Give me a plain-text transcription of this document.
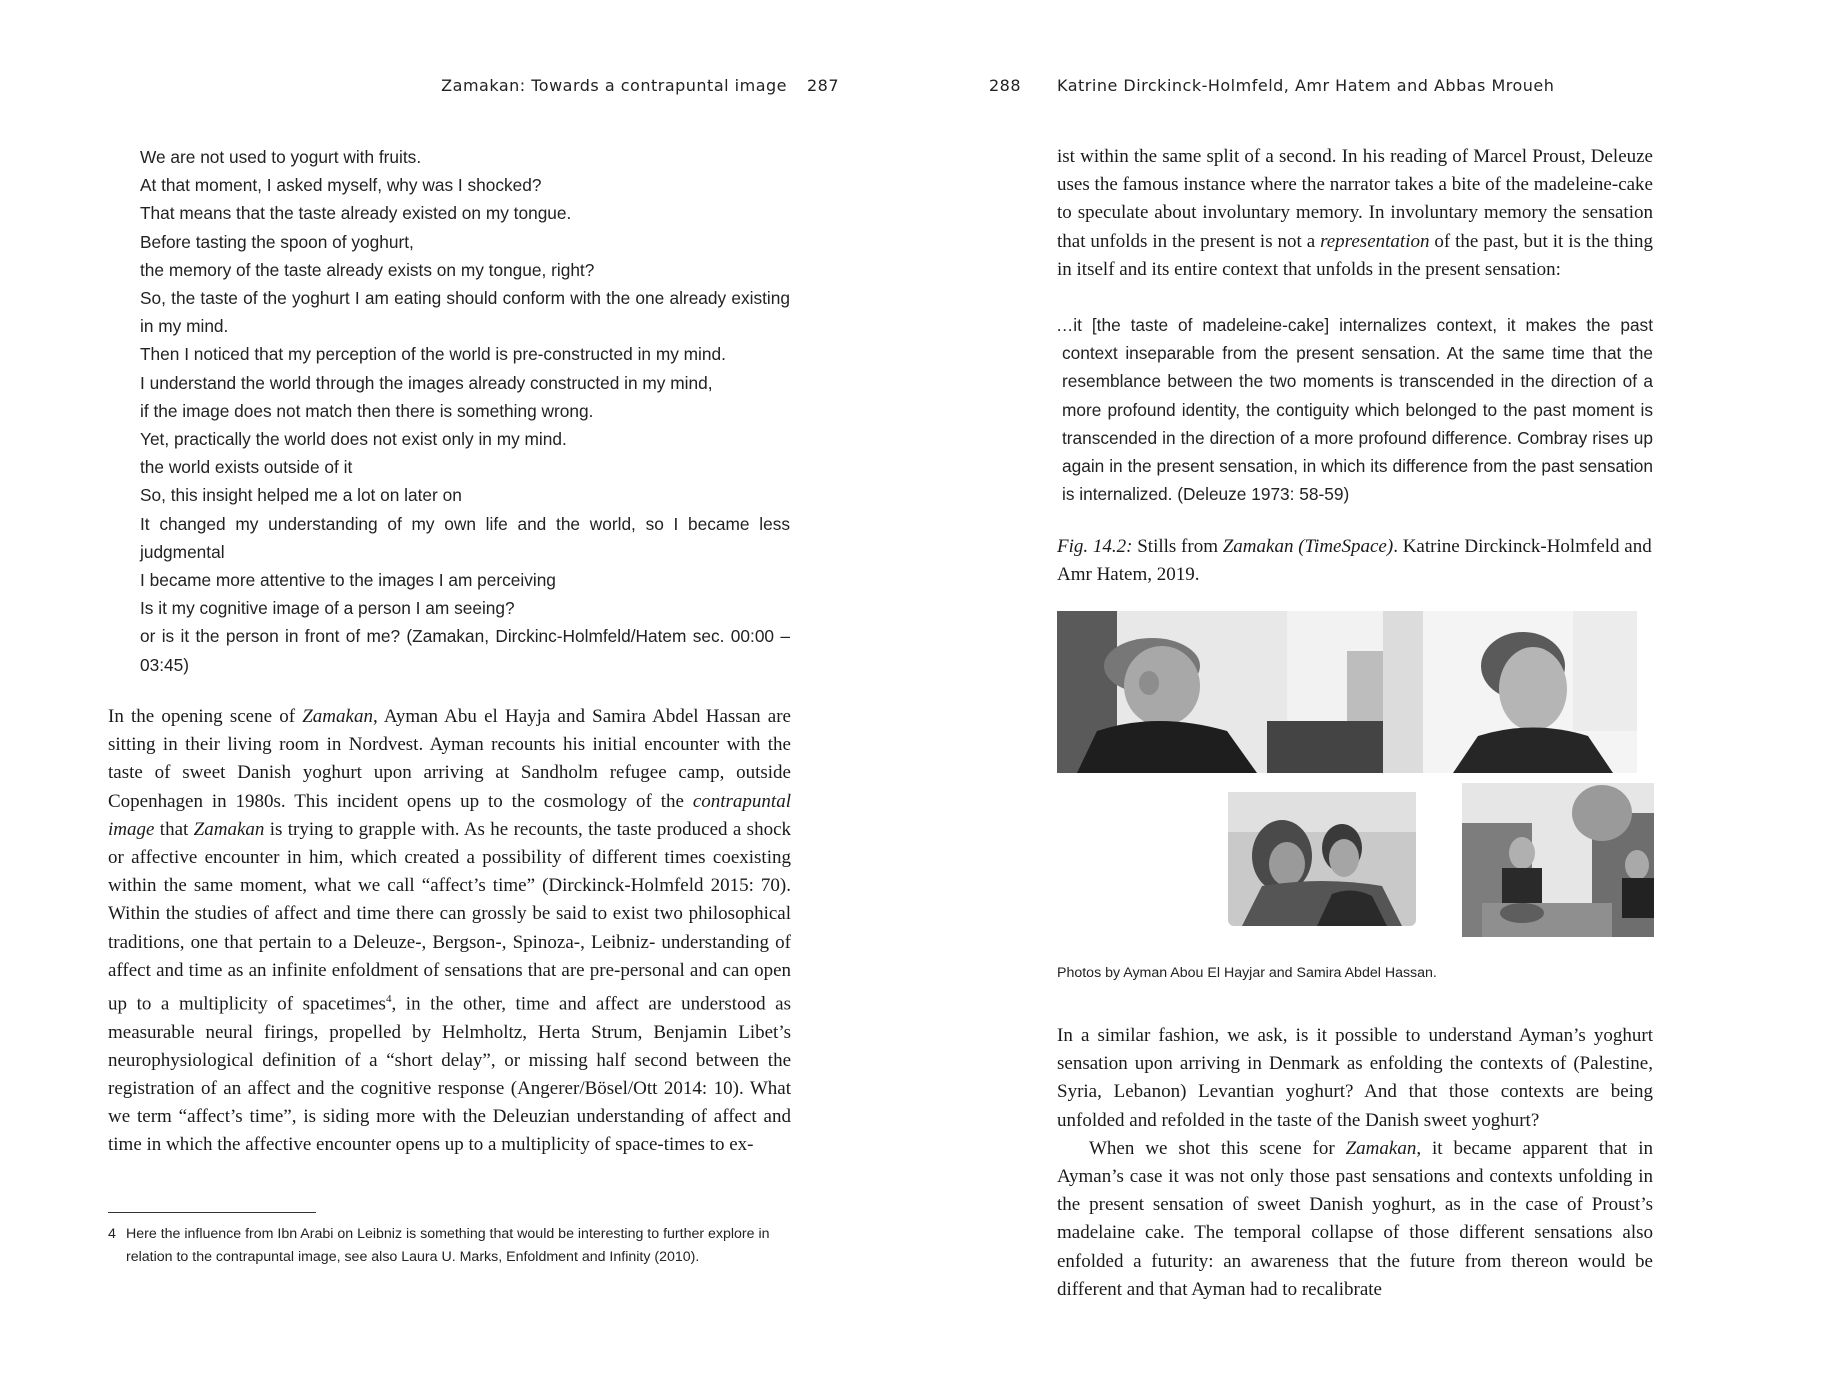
Zamakan: Towards a contrapuntal image 287
We are not used to yogurt with fruits.
At that moment, I asked myself, why was I shocked?
That means that the taste already existed on my tongue.
Before tasting the spoon of yoghurt,
the memory of the taste already exists on my tongue, right?
So, the taste of the yoghurt I am eating should conform with the one already existing in my mind.
Then I noticed that my perception of the world is pre-constructed in my mind.
I understand the world through the images already constructed in my mind,
if the image does not match then there is something wrong.
Yet, practically the world does not exist only in my mind.
the world exists outside of it
So, this insight helped me a lot on later on
It changed my understanding of my own life and the world, so I became less judgmental
I became more attentive to the images I am perceiving
Is it my cognitive image of a person I am seeing?
or is it the person in front of me? (Zamakan, Dirckinc-Holmfeld/Hatem sec. 00:00 – 03:45)

In the opening scene of Zamakan, Ayman Abu el Hayja and Samira Abdel Hassan are sitting in their living room in Nordvest. Ayman recounts his initial encounter with the taste of sweet Danish yoghurt upon arriving at Sandholm refugee camp, outside Copenhagen in 1980s. This incident opens up to the cosmology of the contrapuntal image that Zamakan is trying to grapple with. As he recounts, the taste produced a shock or affective encounter in him, which created a possibility of different times coexisting within the same moment, what we call “affect’s time” (Dirckinck-Holmfeld 2015: 70). Within the studies of affect and time there can grossly be said to exist two philosophical traditions, one that pertain to a Deleuze-, Bergson-, Spinoza-, Leibniz- understanding of affect and time as an infinite enfoldment of sensations that are pre-personal and can open up to a multiplicity of spacetimes$^4$, in the other, time and affect are understood as measurable neural firings, propelled by Helmholtz, Herta Strum, Benjamin Libet’s neurophysiological definition of a “short delay”, or missing half second between the registration of an affect and the cognitive response (Angerer/Bösel/Ott 2014: 10). What we term “affect’s time”, is siding more with the Deleuzian understanding of affect and time in which the affective encounter opens up to a multiplicity of space-times to ex-

4 Here the influence from Ibn Arabi on Leibniz is something that would be interesting to further explore in relation to the contrapuntal image, see also Laura U. Marks, Enfoldment and Infinity (2010).
288 Katrine Dirckinck-Holmfeld, Amr Hatem and Abbas Mroueh

ist within the same split of a second. In his reading of Marcel Proust, Deleuze uses the famous instance where the narrator takes a bite of the madeleine-cake to speculate about involuntary memory. In involuntary memory the sensation that unfolds in the present is not a representation of the past, but it is the thing in itself and its entire context that unfolds in the present sensation:

…it [the taste of madeleine-cake] internalizes context, it makes the past context inseparable from the present sensation. At the same time that the resemblance between the two moments is transcended in the direction of a more profound identity, the contiguity which belonged to the past moment is transcended in the direction of a more profound difference. Combray rises up again in the present sensation, in which its difference from the past sensation is internalized. (Deleuze 1973: 58-59)

Fig. 14.2: Stills from Zamakan (TimeSpace). Katrine Dirckinck-Holmfeld and Amr Hatem, 2019.
Photos by Ayman Abou El Hayjar and Samira Abdel Hassan.

In a similar fashion, we ask, is it possible to understand Ayman’s yoghurt sensation upon arriving in Denmark as enfolding the contexts of (Palestine, Syria, Lebanon) Levantian yoghurt? And that those contexts are being unfolded and refolded in the taste of the Danish sweet yoghurt?

When we shot this scene for Zamakan, it became apparent that in Ayman’s case it was not only those past sensations and contexts unfolding in the present sensation of sweet Danish yoghurt, as in the case of Proust’s madelaine cake. The temporal collapse of those different sensations also enfolded a futurity: an awareness that the future from thereon would be different and that Ayman had to recalibrate
